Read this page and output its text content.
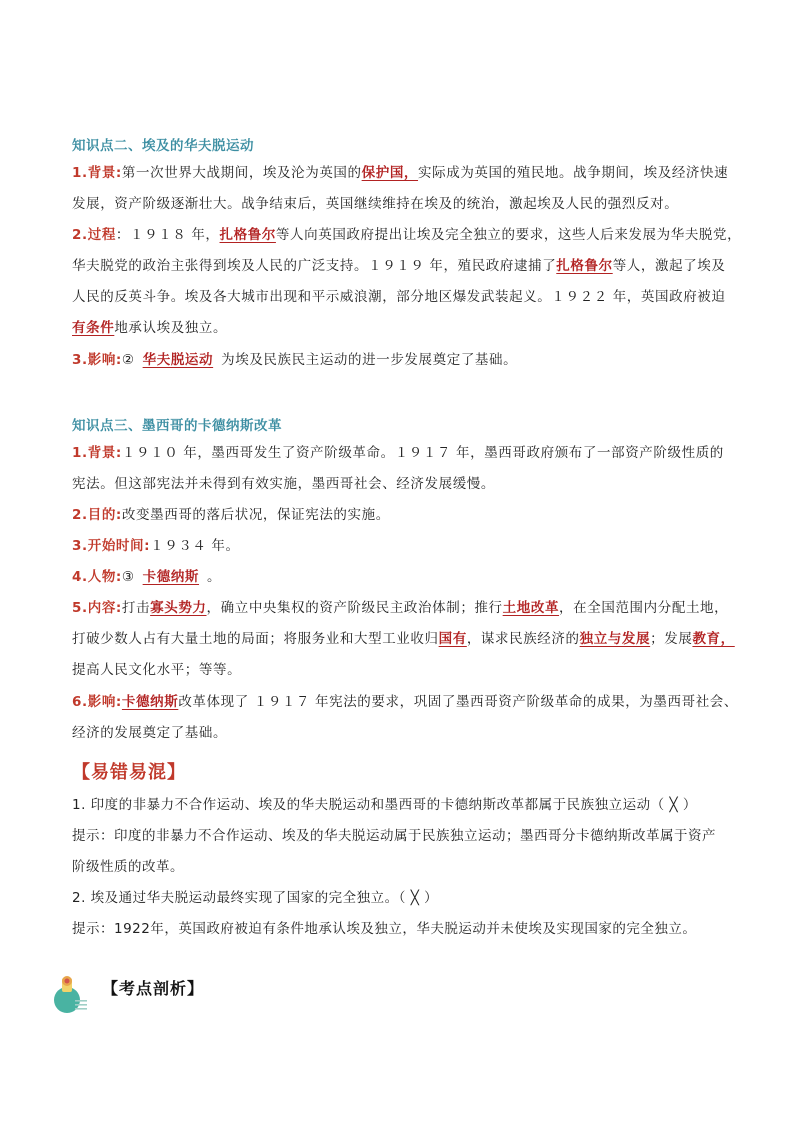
知识点二、埃及的华夫脱运动
1.背景:第一次世界大战期间，埃及沦为英国的保护国，实际成为英国的殖民地。战争期间，埃及经济快速
发展，资产阶级逐渐壮大。战争结束后，英国继续维持在埃及的统治，激起埃及人民的强烈反对。
2.过程：１９１８ 年，扎格鲁尔等人向英国政府提出让埃及完全独立的要求，这些人后来发展为华夫脱党，
华夫脱党的政治主张得到埃及人民的广泛支持。１９１９ 年，殖民政府逮捕了扎格鲁尔等人，激起了埃及
人民的反英斗争。埃及各大城市出现和平示威浪潮，部分地区爆发武装起义。１９２２ 年，英国政府被迫
有条件地承认埃及独立。
3.影响:② 华夫脱运动 为埃及民族民主运动的进一步发展奠定了基础。
知识点三、墨西哥的卡德纳斯改革
1.背景:１９１０ 年，墨西哥发生了资产阶级革命。１９１７ 年，墨西哥政府颁布了一部资产阶级性质的
宪法。但这部宪法并未得到有效实施，墨西哥社会、经济发展缓慢。
2.目的:改变墨西哥的落后状况，保证宪法的实施。
3.开始时间:１９３４ 年。
4.人物:③ 卡德纳斯 。
5.内容:打击寡头势力，确立中央集权的资产阶级民主政治体制；推行土地改革，在全国范围内分配土地，
打破少数人占有大量土地的局面；将服务业和大型工业收归国有，谋求民族经济的独立与发展；发展教育，
提高人民文化水平；等等。
6.影响:卡德纳斯改革体现了 １９１７ 年宪法的要求，巩固了墨西哥资产阶级革命的成果，为墨西哥社会、
经济的发展奠定了基础。
【易错易混】
1. 印度的非暴力不合作运动、埃及的华夫脱运动和墨西哥的卡德纳斯改革都属于民族独立运动（ ╳ ）
提示：印度的非暴力不合作运动、埃及的华夫脱运动属于民族独立运动；墨西哥分卡德纳斯改革属于资产
阶级性质的改革。
2. 埃及通过华夫脱运动最终实现了国家的完全独立。（ ╳ ）
提示：1922年，英国政府被迫有条件地承认埃及独立，华夫脱运动并未使埃及实现国家的完全独立。
【考点剖析】
